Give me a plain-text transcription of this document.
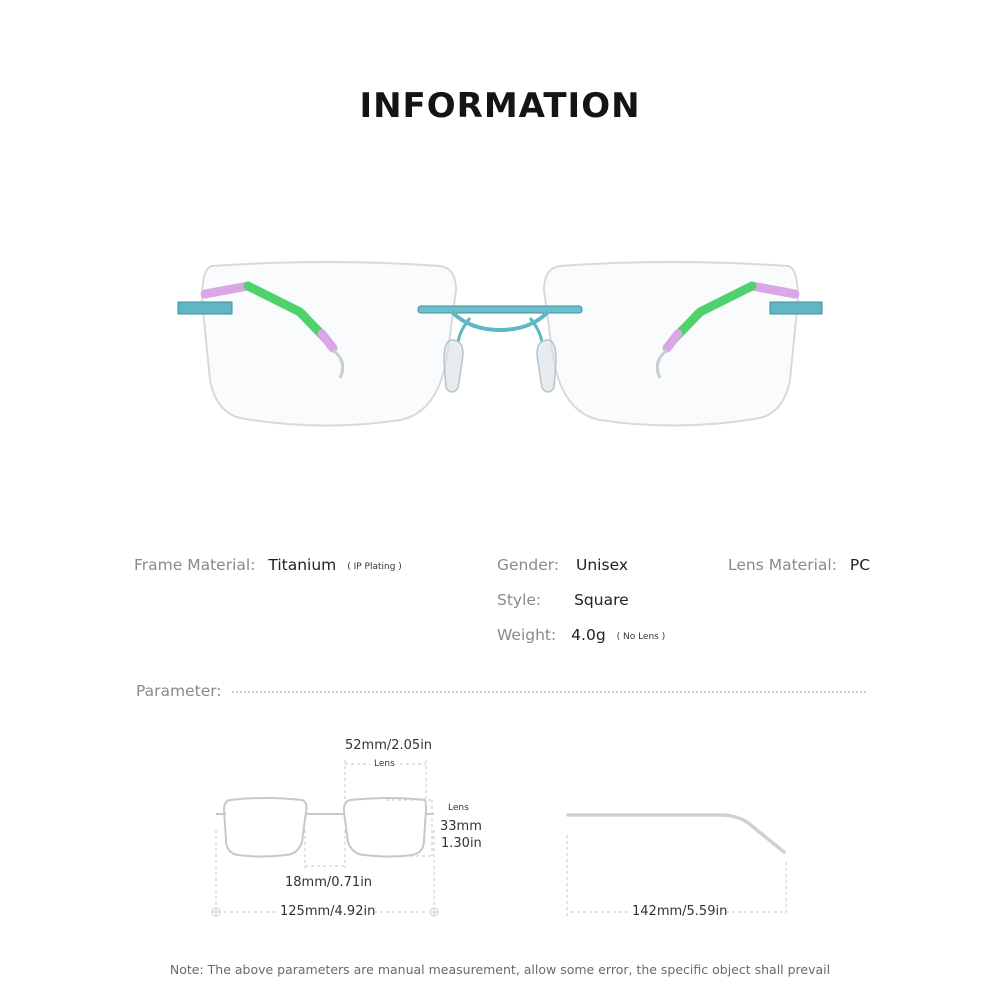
INFORMATION
Frame Material: Titanium ( IP Plating )	Gender: Unisex	Lens Material: PC
Style: Square
Weight: 4.0g ( No Lens )
Parameter:
52mm/2.05in
Lens
Lens
33mm
1.30in
18mm/0.71in
125mm/4.92in	142mm/5.59in
Note: The above parameters are manual measurement, allow some error, the specific object shall prevail
